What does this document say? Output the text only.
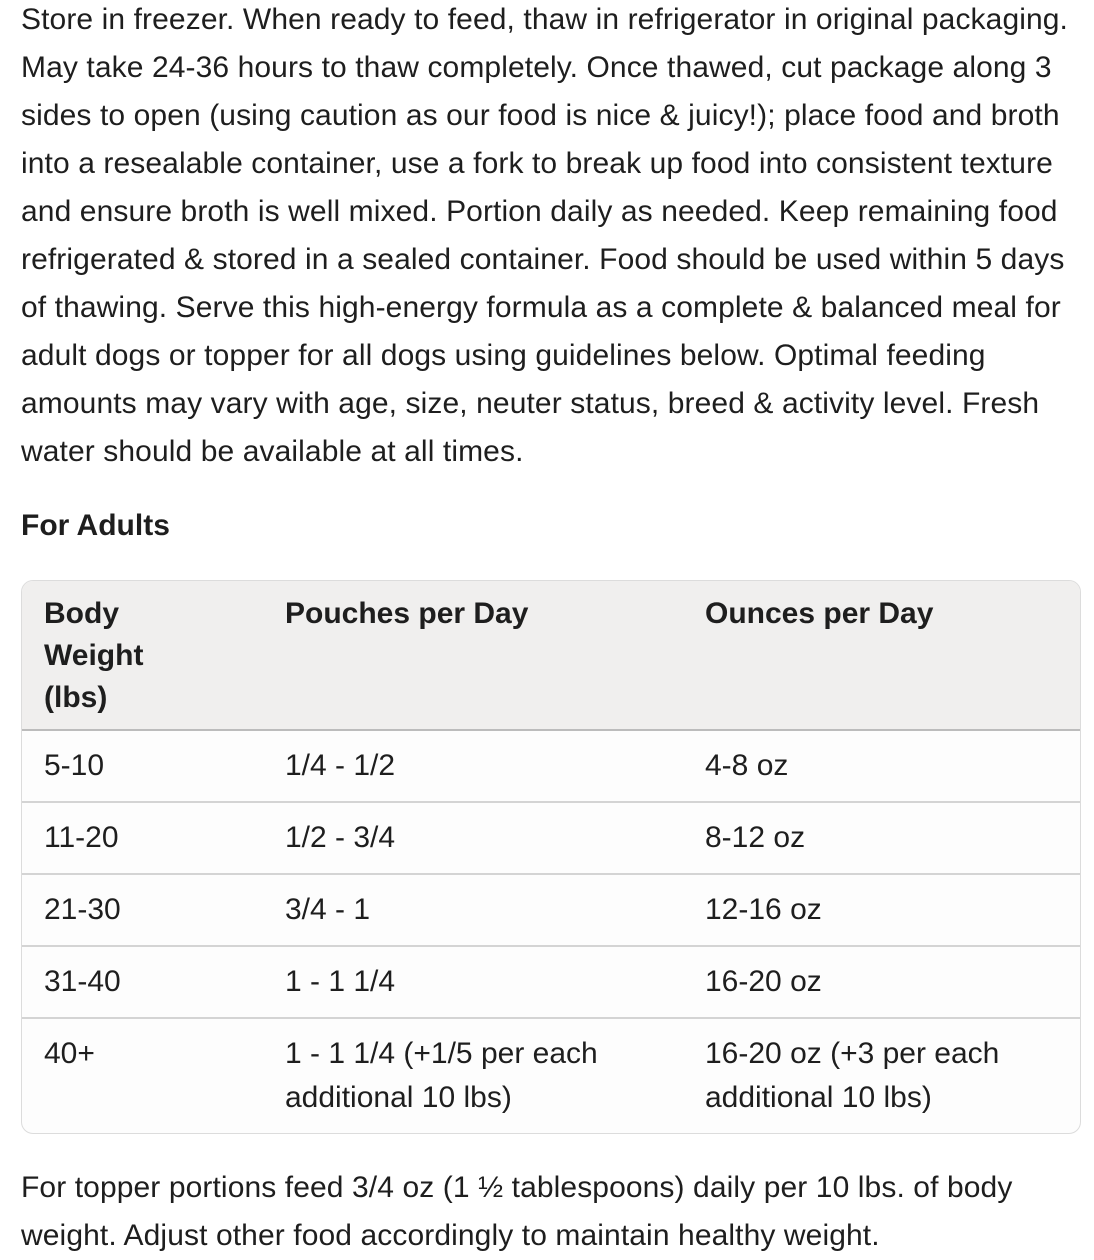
Store in freezer. When ready to feed, thaw in refrigerator in original packaging. May take 24-36 hours to thaw completely. Once thawed, cut package along 3 sides to open (using caution as our food is nice & juicy!); place food and broth into a resealable container, use a fork to break up food into consistent texture and ensure broth is well mixed. Portion daily as needed. Keep remaining food refrigerated & stored in a sealed container. Food should be used within 5 days of thawing. Serve this high-energy formula as a complete & balanced meal for adult dogs or topper for all dogs using guidelines below. Optimal feeding amounts may vary with age, size, neuter status, breed & activity level. Fresh water should be available at all times.

For Adults
Body Weight (lbs)	Pouches per Day	Ounces per Day
5-10	1/4 - 1/2	4-8 oz
11-20	1/2 - 3/4	8-12 oz
21-30	3/4 - 1	12-16 oz
31-40	1 - 1 1/4	16-20 oz
40+	1 - 1 1/4 (+1/5 per each additional 10 lbs)	16-20 oz (+3 per each additional 10 lbs)

For topper portions feed 3/4 oz (1 ½ tablespoons) daily per 10 lbs. of body weight. Adjust other food accordingly to maintain healthy weight.
